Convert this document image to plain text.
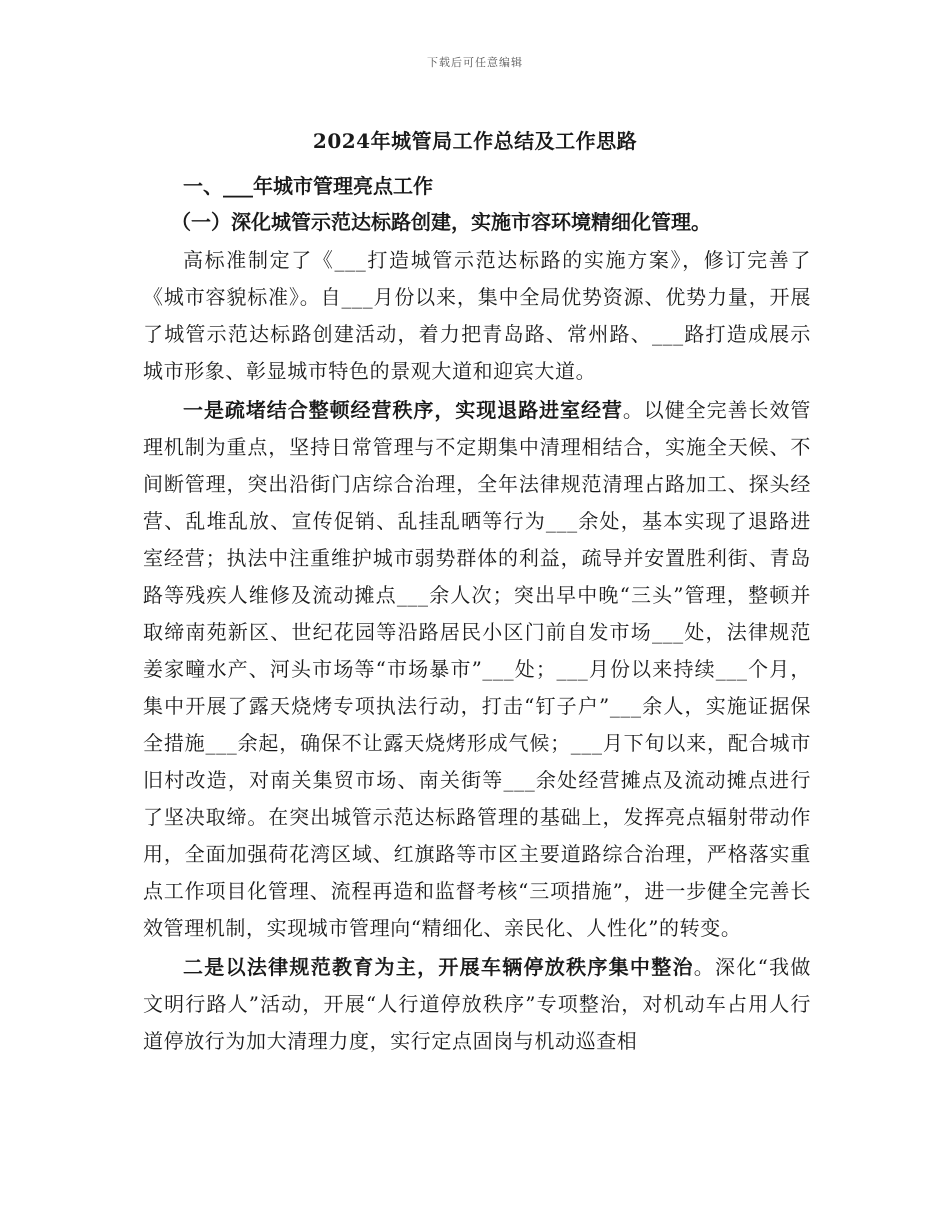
下载后可任意编辑
2024年城管局工作总结及工作思路

一、___年城市管理亮点工作

（一）深化城管示范达标路创建，实施市容环境精细化管理。

高标准制定了《___打造城管示范达标路的实施方案》，修订完善了《城市容貌标准》。自___月份以来，集中全局优势资源、优势力量，开展了城管示范达标路创建活动，着力把青岛路、常州路、___路打造成展示城市形象、彰显城市特色的景观大道和迎宾大道。

一是疏堵结合整顿经营秩序，实现退路进室经营。以健全完善长效管理机制为重点，坚持日常管理与不定期集中清理相结合，实施全天候、不间断管理，突出沿街门店综合治理，全年法律规范清理占路加工、探头经营、乱堆乱放、宣传促销、乱挂乱晒等行为___余处，基本实现了退路进室经营；执法中注重维护城市弱势群体的利益，疏导并安置胜利街、青岛路等残疾人维修及流动摊点___余人次；突出早中晚“三头”管理，整顿并取缔南苑新区、世纪花园等沿路居民小区门前自发市场___处，法律规范姜家疃水产、河头市场等“市场暴市”___处；___月份以来持续___个月，集中开展了露天烧烤专项执法行动，打击“钉子户”___余人，实施证据保全措施___余起，确保不让露天烧烤形成气候；___月下旬以来，配合城市旧村改造，对南关集贸市场、南关街等___余处经营摊点及流动摊点进行了坚决取缔。在突出城管示范达标路管理的基础上，发挥亮点辐射带动作用，全面加强荷花湾区域、红旗路等市区主要道路综合治理，严格落实重点工作项目化管理、流程再造和监督考核“三项措施”，进一步健全完善长效管理机制，实现城市管理向“精细化、亲民化、人性化”的转变。

二是以法律规范教育为主，开展车辆停放秩序集中整治。深化“我做文明行路人”活动，开展“人行道停放秩序”专项整治，对机动车占用人行道停放行为加大清理力度，实行定点固岗与机动巡查相
